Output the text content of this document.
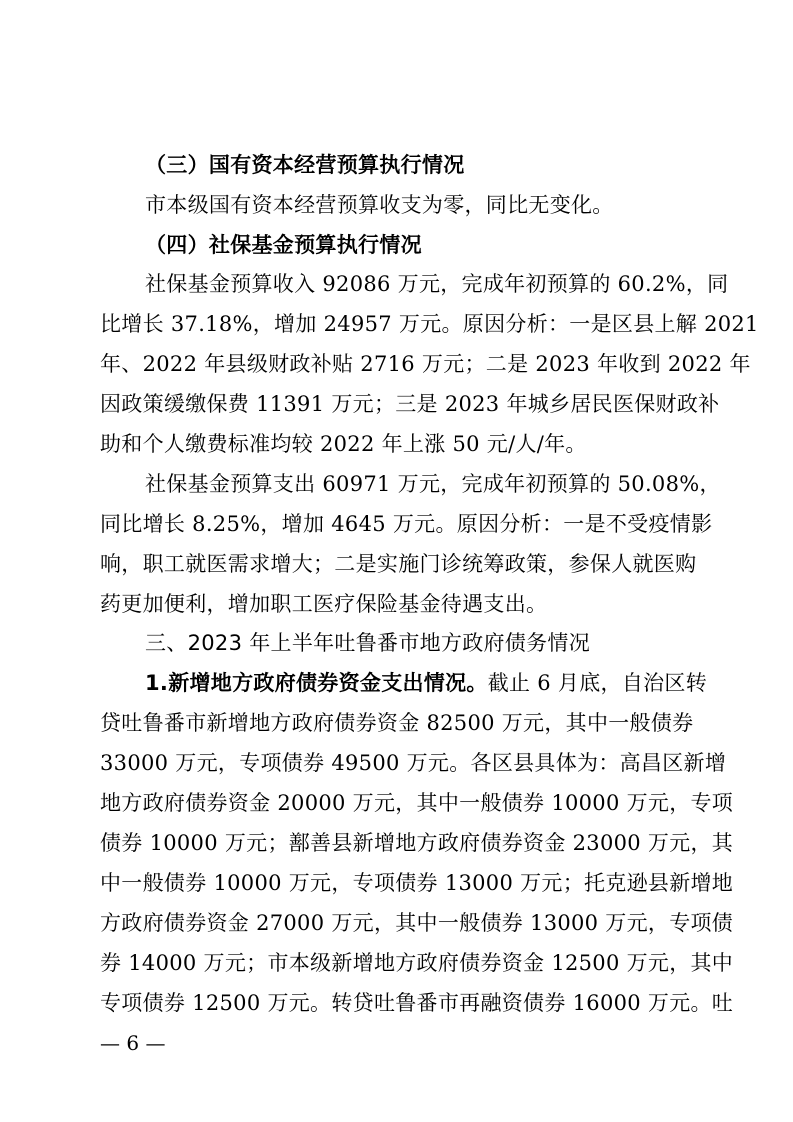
（三）国有资本经营预算执行情况
市本级国有资本经营预算收支为零，同比无变化。
（四）社保基金预算执行情况
社保基金预算收入 92086 万元，完成年初预算的 60.2%，同
比增长 37.18%，增加 24957 万元。原因分析：一是区县上解 2021
年、2022 年县级财政补贴 2716 万元；二是 2023 年收到 2022 年
因政策缓缴保费 11391 万元；三是 2023 年城乡居民医保财政补
助和个人缴费标准均较 2022 年上涨 50 元/人/年。
社保基金预算支出 60971 万元，完成年初预算的 50.08%，
同比增长 8.25%，增加 4645 万元。原因分析：一是不受疫情影
响，职工就医需求增大；二是实施门诊统筹政策，参保人就医购
药更加便利，增加职工医疗保险基金待遇支出。
三、2023 年上半年吐鲁番市地方政府债务情况
1.新增地方政府债券资金支出情况。截止 6 月底，自治区转
贷吐鲁番市新增地方政府债券资金 82500 万元，其中一般债券
33000 万元，专项债券 49500 万元。各区县具体为：高昌区新增
地方政府债券资金 20000 万元，其中一般债券 10000 万元，专项
债券 10000 万元；鄯善县新增地方政府债券资金 23000 万元，其
中一般债券 10000 万元，专项债券 13000 万元；托克逊县新增地
方政府债券资金 27000 万元，其中一般债券 13000 万元，专项债
券 14000 万元；市本级新增地方政府债券资金 12500 万元，其中
专项债券 12500 万元。转贷吐鲁番市再融资债券 16000 万元。吐
— 6 —
